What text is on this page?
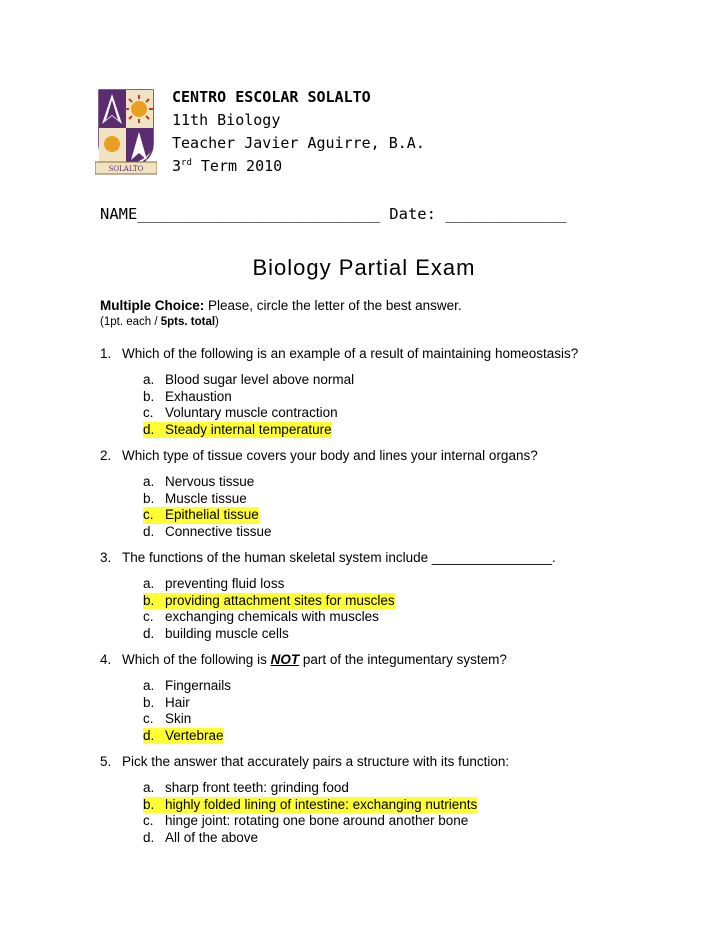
SOLALTO
CENTRO ESCOLAR SOLALTO
11th Biology
Teacher Javier Aguirre, B.A.
3rd Term 2010
NAME__________________________ Date: _____________
Biology Partial Exam
Multiple Choice: Please, circle the letter of the best answer.
(1pt. each / 5pts. total)
1. Which of the following is an example of a result of maintaining homeostasis?
a. Blood sugar level above normal
b. Exhaustion
c. Voluntary muscle contraction
d. Steady internal temperature
2. Which type of tissue covers your body and lines your internal organs?
a. Nervous tissue
b. Muscle tissue
c. Epithelial tissue
d. Connective tissue
3. The functions of the human skeletal system include ________________.
a. preventing fluid loss
b. providing attachment sites for muscles
c. exchanging chemicals with muscles
d. building muscle cells
4. Which of the following is NOT part of the integumentary system?
a. Fingernails
b. Hair
c. Skin
d. Vertebrae
5. Pick the answer that accurately pairs a structure with its function:
a. sharp front teeth: grinding food
b. highly folded lining of intestine: exchanging nutrients
c. hinge joint: rotating one bone around another bone
d. All of the above
